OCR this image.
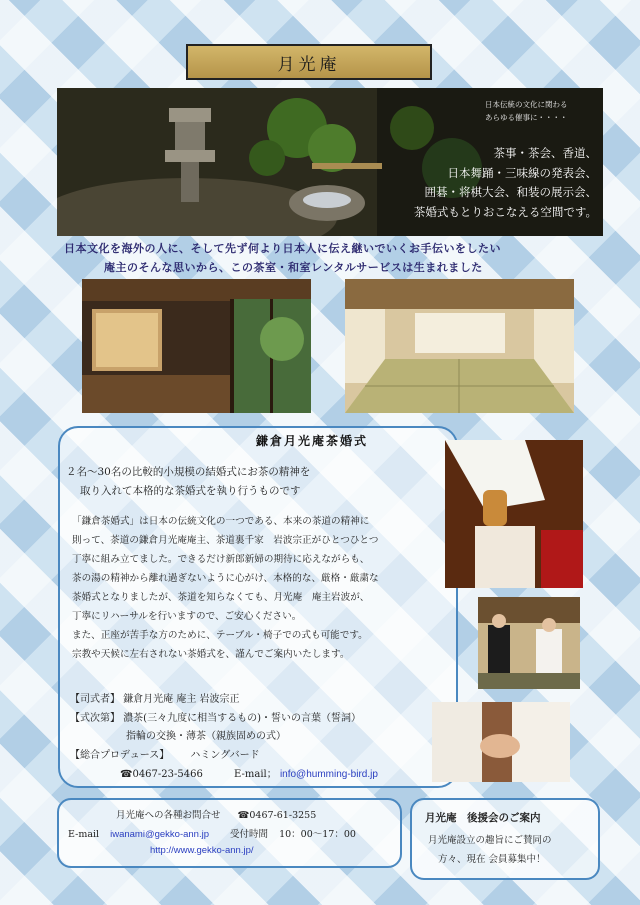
月光庵
日本伝統の文化に関わる
あらゆる催事に・・・・
茶事・茶会、香道、
日本舞踊・三味線の発表会、
囲碁・将棋大会、和装の展示会、
茶婚式もとりおこなえる空間です。
日本文化を海外の人に、そして先ず何より日本人に伝え継いでいくお手伝いをしたい
庵主のそんな思いから、この茶室・和室レンタルサービスは生まれました
鎌倉月光庵茶婚式
２名～30名の比較的小規模の結婚式にお茶の精神を
取り入れて本格的な茶婚式を執り行うものです
「鎌倉茶婚式」は日本の伝統文化の一つである、本来の茶道の精神に
則って、茶道の鎌倉月光庵庵主、茶道裏千家　岩波宗正がひとつひとつ
丁寧に組み立てました。できるだけ新郎新婦の期待に応えながらも、
茶の湯の精神から離れ過ぎないように心がけ、本格的な、厳格・厳粛な
茶婚式となりましたが、茶道を知らなくても、月光庵　庵主岩波が、
丁寧にリハーサルを行いますので、ご安心ください。
また、正座が苦手な方のために、テーブル・椅子での式も可能です。
宗教や天候に左右されない茶婚式を、謹んでご案内いたします。
【司式者】 鎌倉月光庵 庵主 岩波宗正
【式次第】 濃茶(三々九度に相当するもの)・誓いの言葉（誓詞）
指輪の交換・薄茶（親族固めの式）
【総合プロデュース】 ハミングバード
☎0467-23-5466	E-mail； info@humming-bird.jp
月光庵への各種お問合せ ☎0467-61-3255
E-mail iwanami@gekko-ann.jp 受付時間 10：00～17：00
http://www.gekko-ann.jp/
月光庵　後援会のご案内
月光庵設立の趣旨にご賛同の
方々、現在 会員募集中！
